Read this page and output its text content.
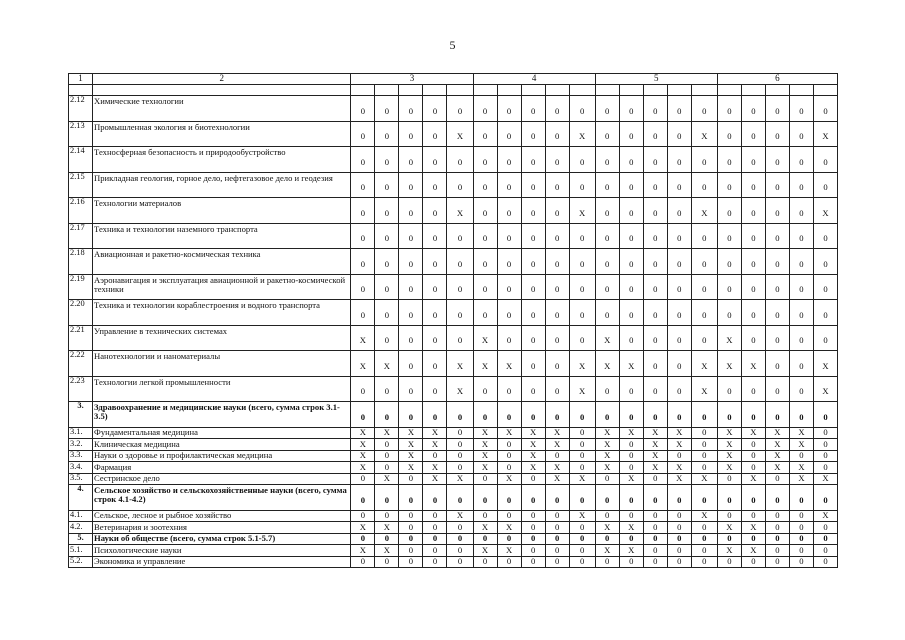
5
1	2	3					4					5					6				

2.12	Химические технологии	0	0	0	0	0	0	0	0	0	0	0	0	0	0	0	0	0	0	0	0
2.13	Промышленная экология и биотехнологии	0	0	0	0	X	0	0	0	0	X	0	0	0	0	X	0	0	0	0	X
2.14	Техносферная безопасность и природообустройство	0	0	0	0	0	0	0	0	0	0	0	0	0	0	0	0	0	0	0	0
2.15	Прикладная геология, горное дело, нефтегазовое дело и геодезия	0	0	0	0	0	0	0	0	0	0	0	0	0	0	0	0	0	0	0	0
2.16	Технологии материалов	0	0	0	0	X	0	0	0	0	X	0	0	0	0	X	0	0	0	0	X
2.17	Техника и технологии наземного транспорта	0	0	0	0	0	0	0	0	0	0	0	0	0	0	0	0	0	0	0	0
2.18	Авиационная и ракетно-космическая техника	0	0	0	0	0	0	0	0	0	0	0	0	0	0	0	0	0	0	0	0
2.19	Аэронавигация и эксплуатация авиационной и ракетно-космической техники	0	0	0	0	0	0	0	0	0	0	0	0	0	0	0	0	0	0	0	0
2.20	Техника и технологии кораблестроения и водного транспорта	0	0	0	0	0	0	0	0	0	0	0	0	0	0	0	0	0	0	0	0
2.21	Управление в технических системах	X	0	0	0	0	X	0	0	0	0	X	0	0	0	0	X	0	0	0	0
2.22	Нанотехнологии и наноматериалы	X	X	0	0	X	X	X	0	0	X	X	X	0	0	X	X	X	0	0	X
2.23	Технологии легкой промышленности	0	0	0	0	X	0	0	0	0	X	0	0	0	0	X	0	0	0	0	X
3.	Здравоохранение и медицинские науки (всего, сумма строк 3.1-3.5)	0	0	0	0	0	0	0	0	0	0	0	0	0	0	0	0	0	0	0	0
3.1.	Фундаментальная медицина	X	X	X	X	0	X	X	X	X	0	X	X	X	X	0	X	X	X	X	0
3.2.	Клиническая медицина	X	0	X	X	0	X	0	X	X	0	X	0	X	X	0	X	0	X	X	0
3.3.	Науки о здоровье и профилактическая медицина	X	0	X	0	0	X	0	X	0	0	X	0	X	0	0	X	0	X	0	0
3.4.	Фармация	X	0	X	X	0	X	0	X	X	0	X	0	X	X	0	X	0	X	X	0
3.5.	Сестринское дело	0	X	0	X	X	0	X	0	X	X	0	X	0	X	X	0	X	0	X	X
4.	Сельское хозяйство и сельскохозяйственные науки (всего, сумма строк 4.1-4.2)	0	0	0	0	0	0	0	0	0	0	0	0	0	0	0	0	0	0	0	0
4.1.	Сельское, лесное и рыбное хозяйство	0	0	0	0	X	0	0	0	0	X	0	0	0	0	X	0	0	0	0	X
4.2.	Ветеринария и зоотехния	X	X	0	0	0	X	X	0	0	0	X	X	0	0	0	X	X	0	0	0
5.	Науки об обществе (всего, сумма строк 5.1-5.7)	0	0	0	0	0	0	0	0	0	0	0	0	0	0	0	0	0	0	0	0
5.1.	Психологические науки	X	X	0	0	0	X	X	0	0	0	X	X	0	0	0	X	X	0	0	0
5.2.	Экономика и управление	0	0	0	0	0	0	0	0	0	0	0	0	0	0	0	0	0	0	0	0
